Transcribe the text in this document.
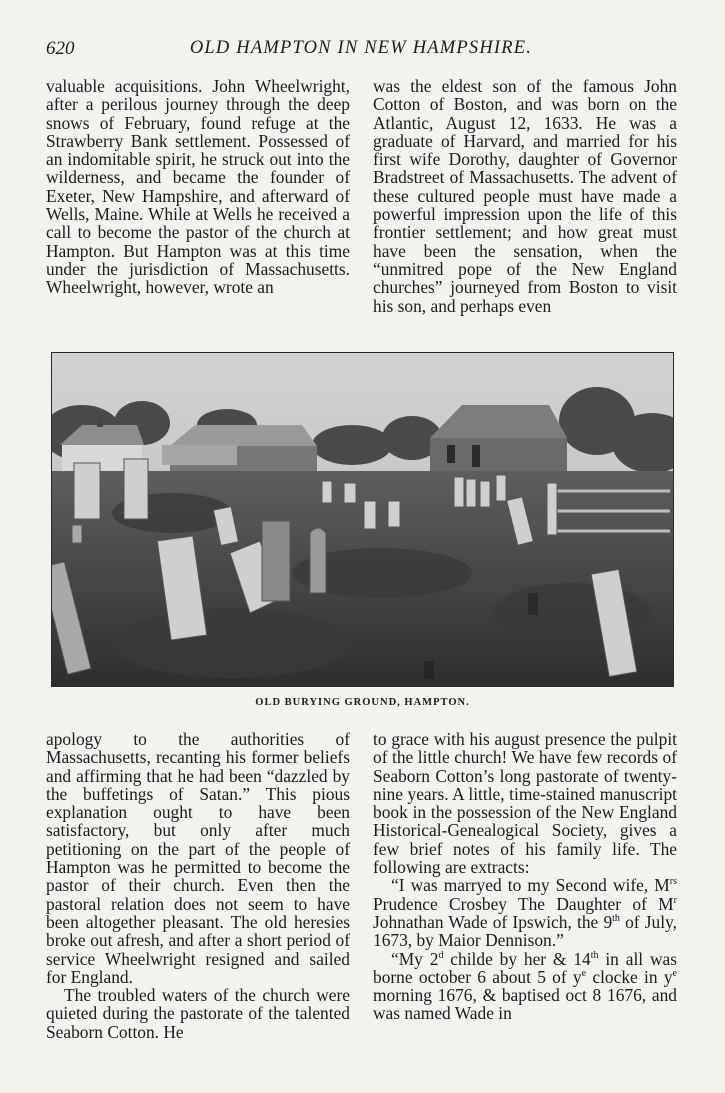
620	OLD HAMPTON IN NEW HAMPSHIRE.

valuable acquisitions. John Wheelwright, after a perilous journey through the deep snows of February, found refuge at the Strawberry Bank settlement. Possessed of an indomitable spirit, he struck out into the wilderness, and became the founder of Exeter, New Hampshire, and afterward of Wells, Maine. While at Wells he received a call to become the pastor of the church at Hampton. But Hampton was at this time under the jurisdiction of Massachusetts. Wheelwright, however, wrote an

was the eldest son of the famous John Cotton of Boston, and was born on the Atlantic, August 12, 1633. He was a graduate of Harvard, and married for his first wife Dorothy, daughter of Governor Bradstreet of Massachusetts. The advent of these cultured people must have made a powerful impression upon the life of this frontier settlement; and how great must have been the sensation, when the “unmitred pope of the New England churches” journeyed from Boston to visit his son, and perhaps even

OLD BURYING GROUND, HAMPTON.

apology to the authorities of Massachusetts, recanting his former beliefs and affirming that he had been “dazzled by the buffetings of Satan.” This pious explanation ought to have been satisfactory, but only after much petitioning on the part of the people of Hampton was he permitted to become the pastor of their church. Even then the pastoral relation does not seem to have been altogether pleasant. The old heresies broke out afresh, and after a short period of service Wheelwright resigned and sailed for England.

The troubled waters of the church were quieted during the pastorate of the talented Seaborn Cotton. He

to grace with his august presence the pulpit of the little church! We have few records of Seaborn Cotton’s long pastorate of twenty-nine years. A little, time-stained manuscript book in the possession of the New England Historical-Genealogical Society, gives a few brief notes of his family life. The following are extracts:

“I was marryed to my Second wife, $M^{rs}$ Prudence Crosbey The Daughter of $M^r$ Johnathan Wade of Ipswich, the 9th of July, 1673, by Maior Dennison.”

“My 2$^d$ childe by her & 14th in all was borne october 6 about 5 of $y^e$ clocke in $y^e$ morning 1676, & baptised oct 8 1676, and was named Wade in
